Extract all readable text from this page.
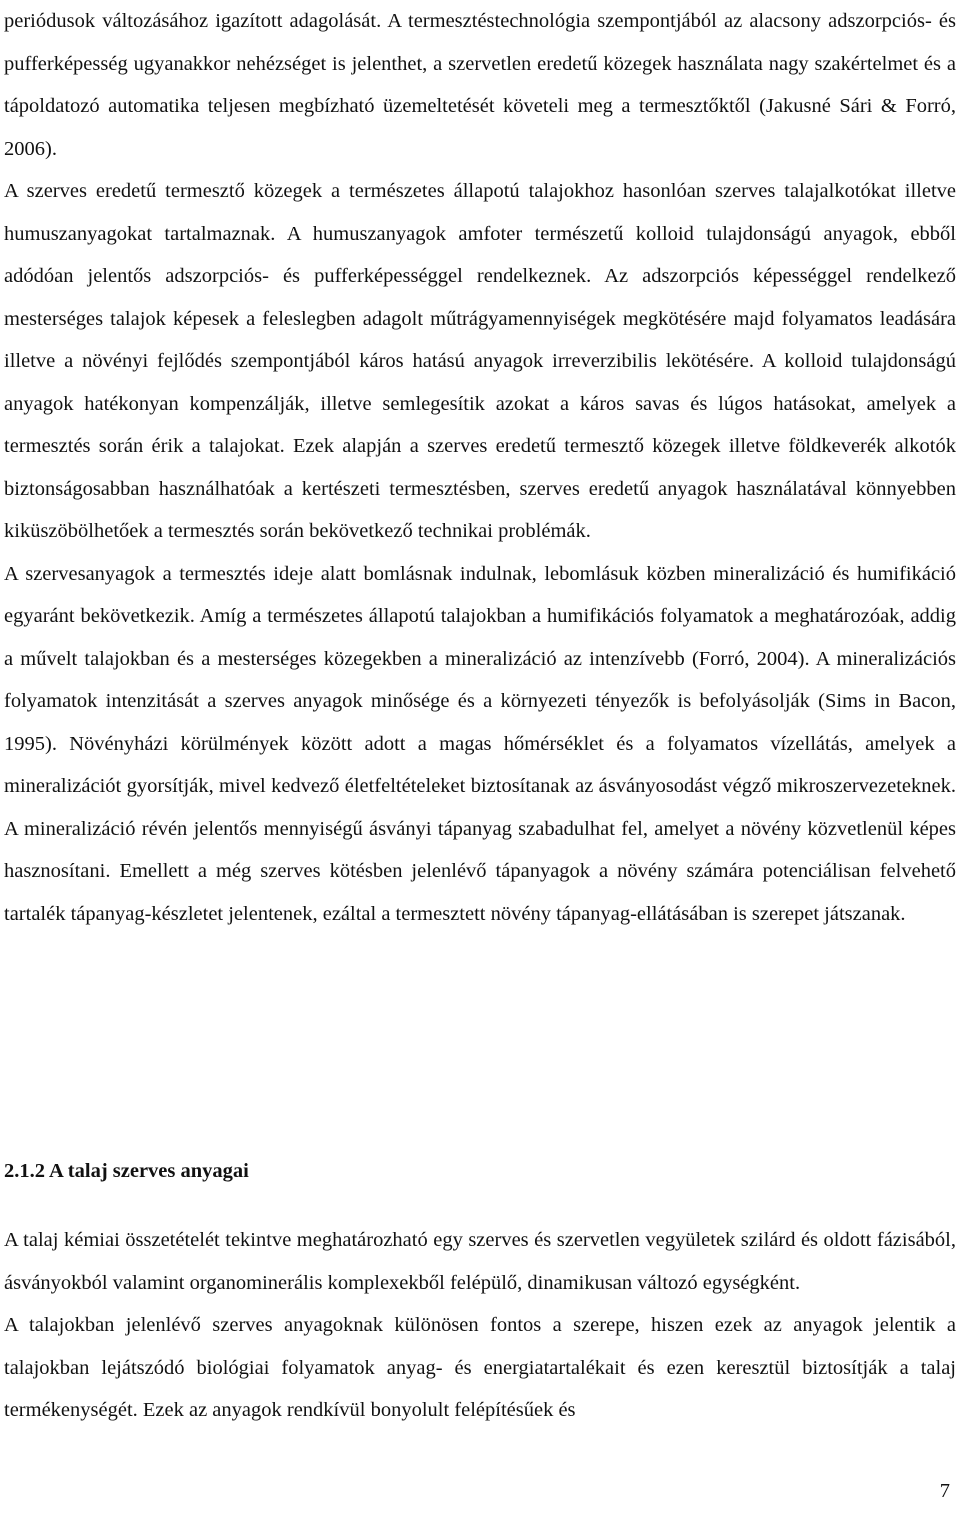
periódusok változásához igazított adagolását. A termesztéstechnológia szempontjából az alacsony adszorpciós- és pufferképesség ugyanakkor nehézséget is jelenthet, a szervetlen eredetű közegek használata nagy szakértelmet és a tápoldatozó automatika teljesen megbízható üzemeltetését követeli meg a termesztőktől (Jakusné Sári & Forró, 2006).

A szerves eredetű termesztő közegek a természetes állapotú talajokhoz hasonlóan szerves talajalkotókat illetve humuszanyagokat tartalmaznak. A humuszanyagok amfoter természetű kolloid tulajdonságú anyagok, ebből adódóan jelentős adszorpciós- és pufferképességgel rendelkeznek. Az adszorpciós képességgel rendelkező mesterséges talajok képesek a feleslegben adagolt műtrágyamennyiségek megkötésére majd folyamatos leadására illetve a növényi fejlődés szempontjából káros hatású anyagok irreverzibilis lekötésére. A kolloid tulajdonságú anyagok hatékonyan kompenzálják, illetve semlegesítik azokat a káros savas és lúgos hatásokat, amelyek a termesztés során érik a talajokat. Ezek alapján a szerves eredetű termesztő közegek illetve földkeverék alkotók biztonságosabban használhatóak a kertészeti termesztésben, szerves eredetű anyagok használatával könnyebben kiküszöbölhetőek a termesztés során bekövetkező technikai problémák.

A szervesanyagok a termesztés ideje alatt bomlásnak indulnak, lebomlásuk közben mineralizáció és humifikáció egyaránt bekövetkezik. Amíg a természetes állapotú talajokban a humifikációs folyamatok a meghatározóak, addig a művelt talajokban és a mesterséges közegekben a mineralizáció az intenzívebb (Forró, 2004). A mineralizációs folyamatok intenzitását a szerves anyagok minősége és a környezeti tényezők is befolyásolják (Sims in Bacon, 1995). Növényházi körülmények között adott a magas hőmérséklet és a folyamatos vízellátás, amelyek a mineralizációt gyorsítják, mivel kedvező életfeltételeket biztosítanak az ásványosodást végző mikroszervezeteknek. A mineralizáció révén jelentős mennyiségű ásványi tápanyag szabadulhat fel, amelyet a növény közvetlenül képes hasznosítani. Emellett a még szerves kötésben jelenlévő tápanyagok a növény számára potenciálisan felvehető tartalék tápanyag-készletet jelentenek, ezáltal a termesztett növény tápanyag-ellátásában is szerepet játszanak.

2.1.2 A talaj szerves anyagai

A talaj kémiai összetételét tekintve meghatározható egy szerves és szervetlen vegyületek szilárd és oldott fázisából, ásványokból valamint organominerális komplexekből felépülő, dinamikusan változó egységként.

A talajokban jelenlévő szerves anyagoknak különösen fontos a szerepe, hiszen ezek az anyagok jelentik a talajokban lejátszódó biológiai folyamatok anyag- és energiatartalékait és ezen keresztül biztosítják a talaj termékenységét. Ezek az anyagok rendkívül bonyolult felépítésűek és

7
